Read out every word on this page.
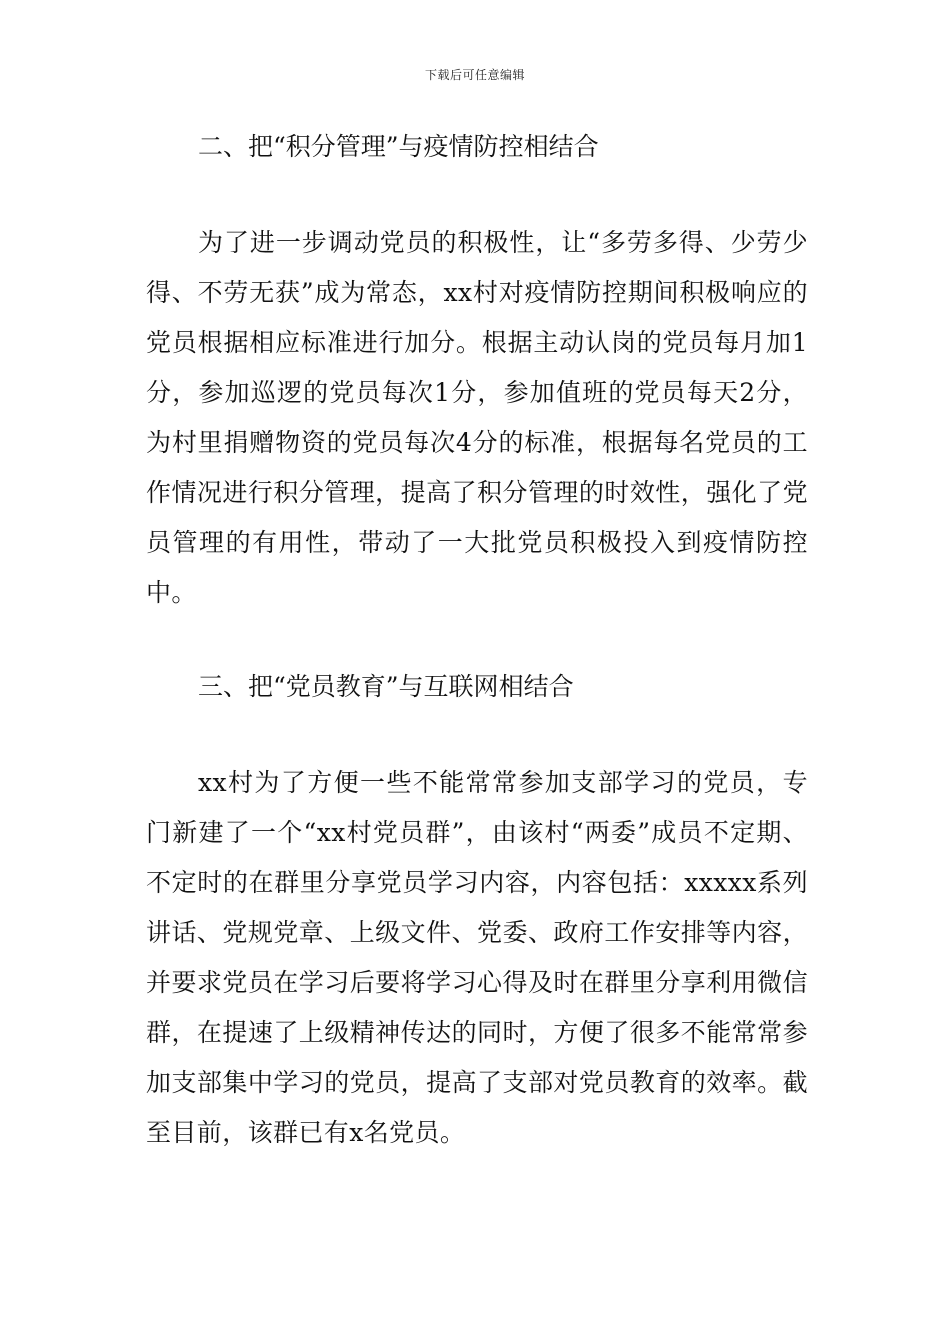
下载后可任意编辑

二、把“积分管理”与疫情防控相结合

为了进一步调动党员的积极性，让“多劳多得、少劳少得、不劳无获”成为常态，xx村对疫情防控期间积极响应的党员根据相应标准进行加分。根据主动认岗的党员每月加1分，参加巡逻的党员每次1分，参加值班的党员每天2分，为村里捐赠物资的党员每次4分的标准，根据每名党员的工作情况进行积分管理，提高了积分管理的时效性，强化了党员管理的有用性，带动了一大批党员积极投入到疫情防控中。

三、把“党员教育”与互联网相结合

xx村为了方便一些不能常常参加支部学习的党员，专门新建了一个“xx村党员群”，由该村“两委”成员不定期、不定时的在群里分享党员学习内容，内容包括：xxxxx系列讲话、党规党章、上级文件、党委、政府工作安排等内容，并要求党员在学习后要将学习心得及时在群里分享利用微信群，在提速了上级精神传达的同时，方便了很多不能常常参加支部集中学习的党员，提高了支部对党员教育的效率。截至目前，该群已有x名党员。
